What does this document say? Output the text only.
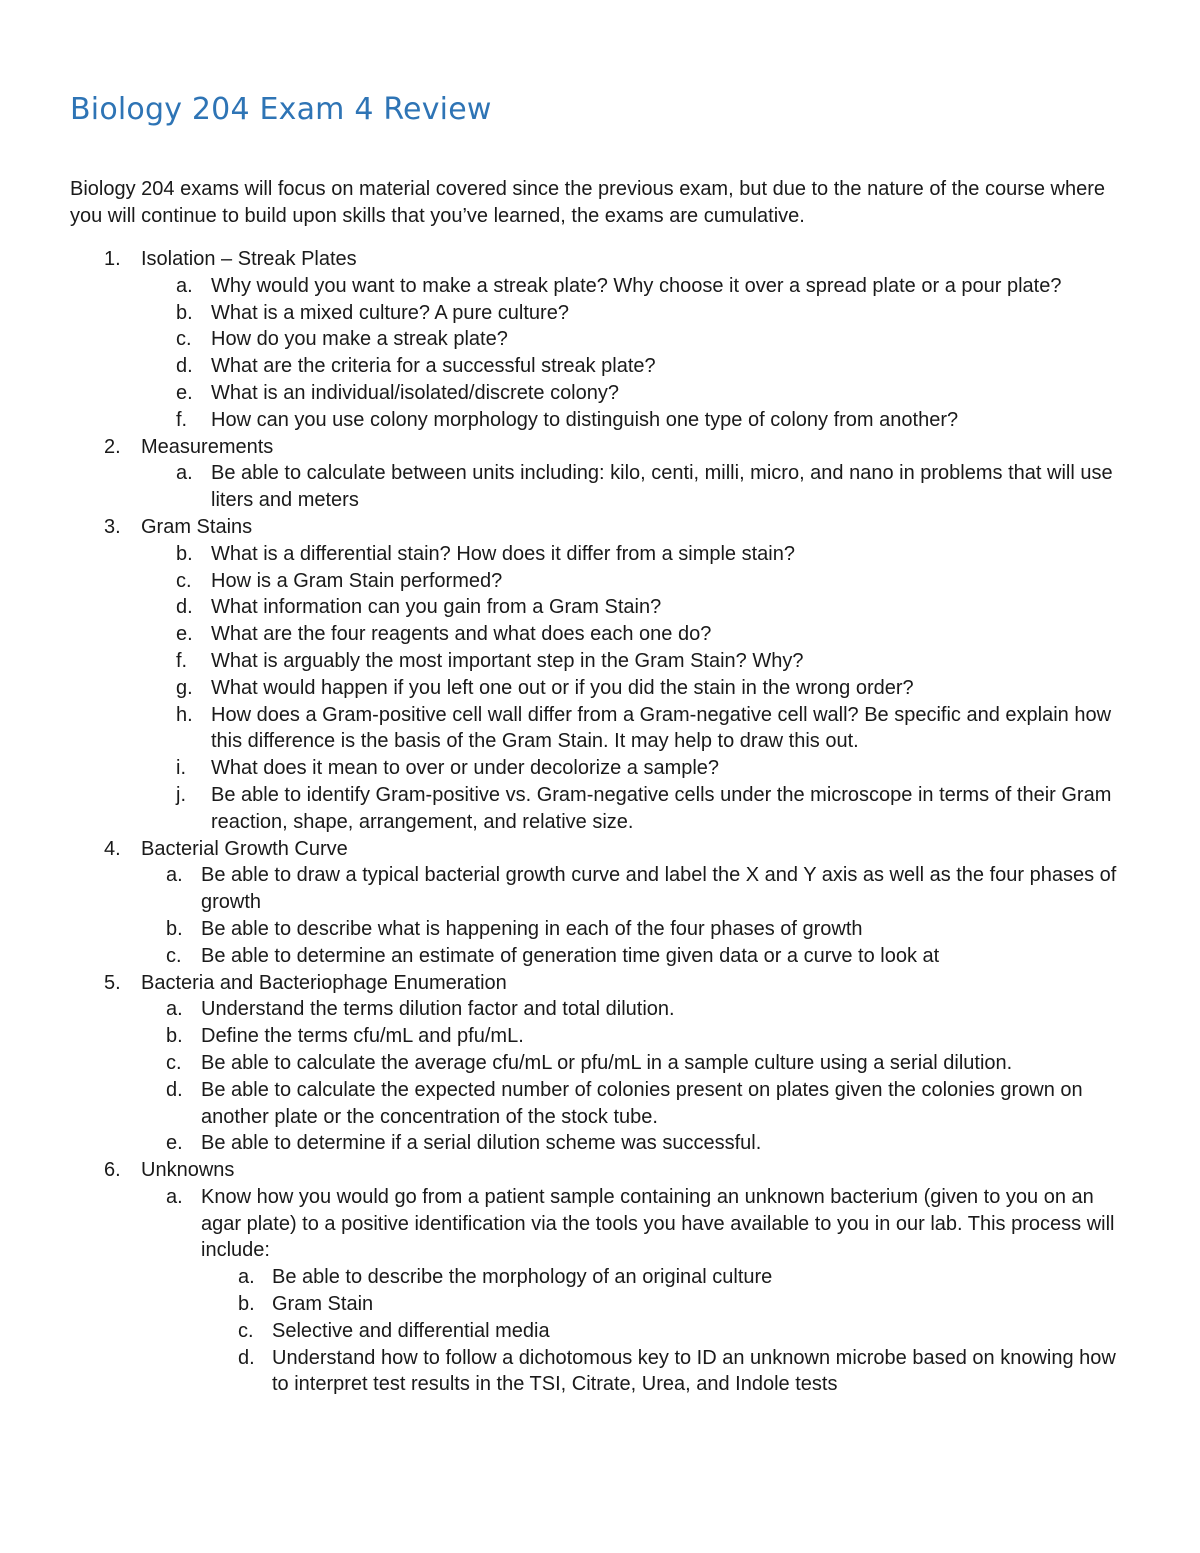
Biology 204 Exam 4 Review

Biology 204 exams will focus on material covered since the previous exam, but due to the nature of the course where you will continue to build upon skills that you’ve learned, the exams are cumulative.

1. Isolation – Streak Plates
a. Why would you want to make a streak plate? Why choose it over a spread plate or a pour plate?
b. What is a mixed culture? A pure culture?
c. How do you make a streak plate?
d. What are the criteria for a successful streak plate?
e. What is an individual/isolated/discrete colony?
f. How can you use colony morphology to distinguish one type of colony from another?
2. Measurements
a. Be able to calculate between units including: kilo, centi, milli, micro, and nano in problems that will use liters and meters
3. Gram Stains
b. What is a differential stain? How does it differ from a simple stain?
c. How is a Gram Stain performed?
d. What information can you gain from a Gram Stain?
e. What are the four reagents and what does each one do?
f. What is arguably the most important step in the Gram Stain? Why?
g. What would happen if you left one out or if you did the stain in the wrong order?
h. How does a Gram-positive cell wall differ from a Gram-negative cell wall? Be specific and explain how this difference is the basis of the Gram Stain. It may help to draw this out.
i. What does it mean to over or under decolorize a sample?
j. Be able to identify Gram-positive vs. Gram-negative cells under the microscope in terms of their Gram reaction, shape, arrangement, and relative size.
4. Bacterial Growth Curve
a. Be able to draw a typical bacterial growth curve and label the X and Y axis as well as the four phases of growth
b. Be able to describe what is happening in each of the four phases of growth
c. Be able to determine an estimate of generation time given data or a curve to look at
5. Bacteria and Bacteriophage Enumeration
a. Understand the terms dilution factor and total dilution.
b. Define the terms cfu/mL and pfu/mL.
c. Be able to calculate the average cfu/mL or pfu/mL in a sample culture using a serial dilution.
d. Be able to calculate the expected number of colonies present on plates given the colonies grown on another plate or the concentration of the stock tube.
e. Be able to determine if a serial dilution scheme was successful.
6. Unknowns
a. Know how you would go from a patient sample containing an unknown bacterium (given to you on an agar plate) to a positive identification via the tools you have available to you in our lab. This process will include:
a. Be able to describe the morphology of an original culture
b. Gram Stain
c. Selective and differential media
d. Understand how to follow a dichotomous key to ID an unknown microbe based on knowing how to interpret test results in the TSI, Citrate, Urea, and Indole tests
